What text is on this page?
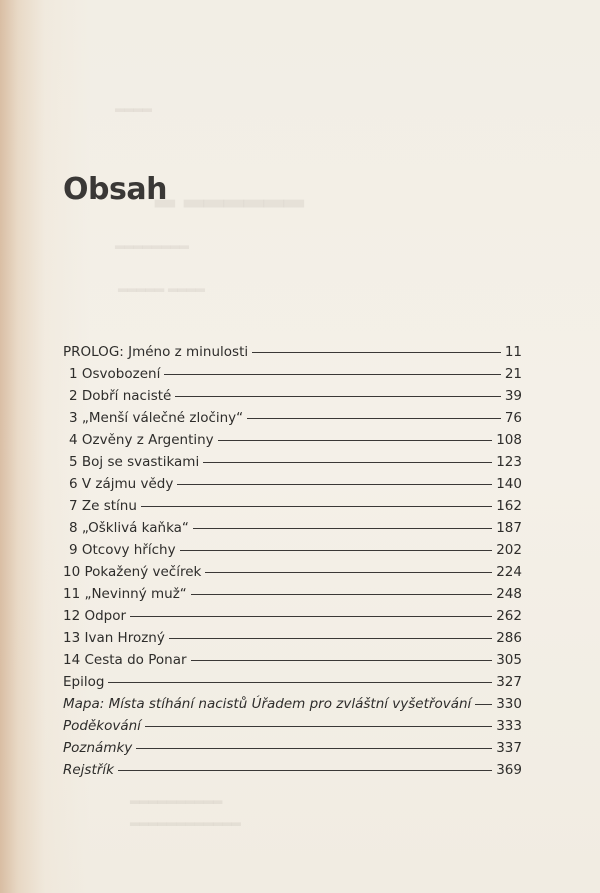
▂▂▂▂
▂ ▂▂▂▂▂▂
▂▂▂▂▂▂▂▂
▂▂▂▂▂ ▂▂▂▂
Obsah
PROLOG: Jméno z minulosti	11
1 Osvobození	21
2 Dobří nacisté	39
3 „Menší válečné zločiny“	76
4 Ozvěny z Argentiny	108
5 Boj se svastikami	123
6 V zájmu vědy	140
7 Ze stínu	162
8 „Ošklivá kaňka“	187
9 Otcovy hříchy	202
10 Pokažený večírek	224
11 „Nevinný muž“	248
12 Odpor	262
13 Ivan Hrozný	286
14 Cesta do Ponar	305
Epilog	327
Mapa: Místa stíhání nacistů Úřadem pro zvláštní vyšetřování 330
Poděkování	333
Poznámky	337
Rejstřík	369
▂▂▂▂▂▂▂▂▂▂
▂▂▂▂▂▂▂▂▂▂▂▂
